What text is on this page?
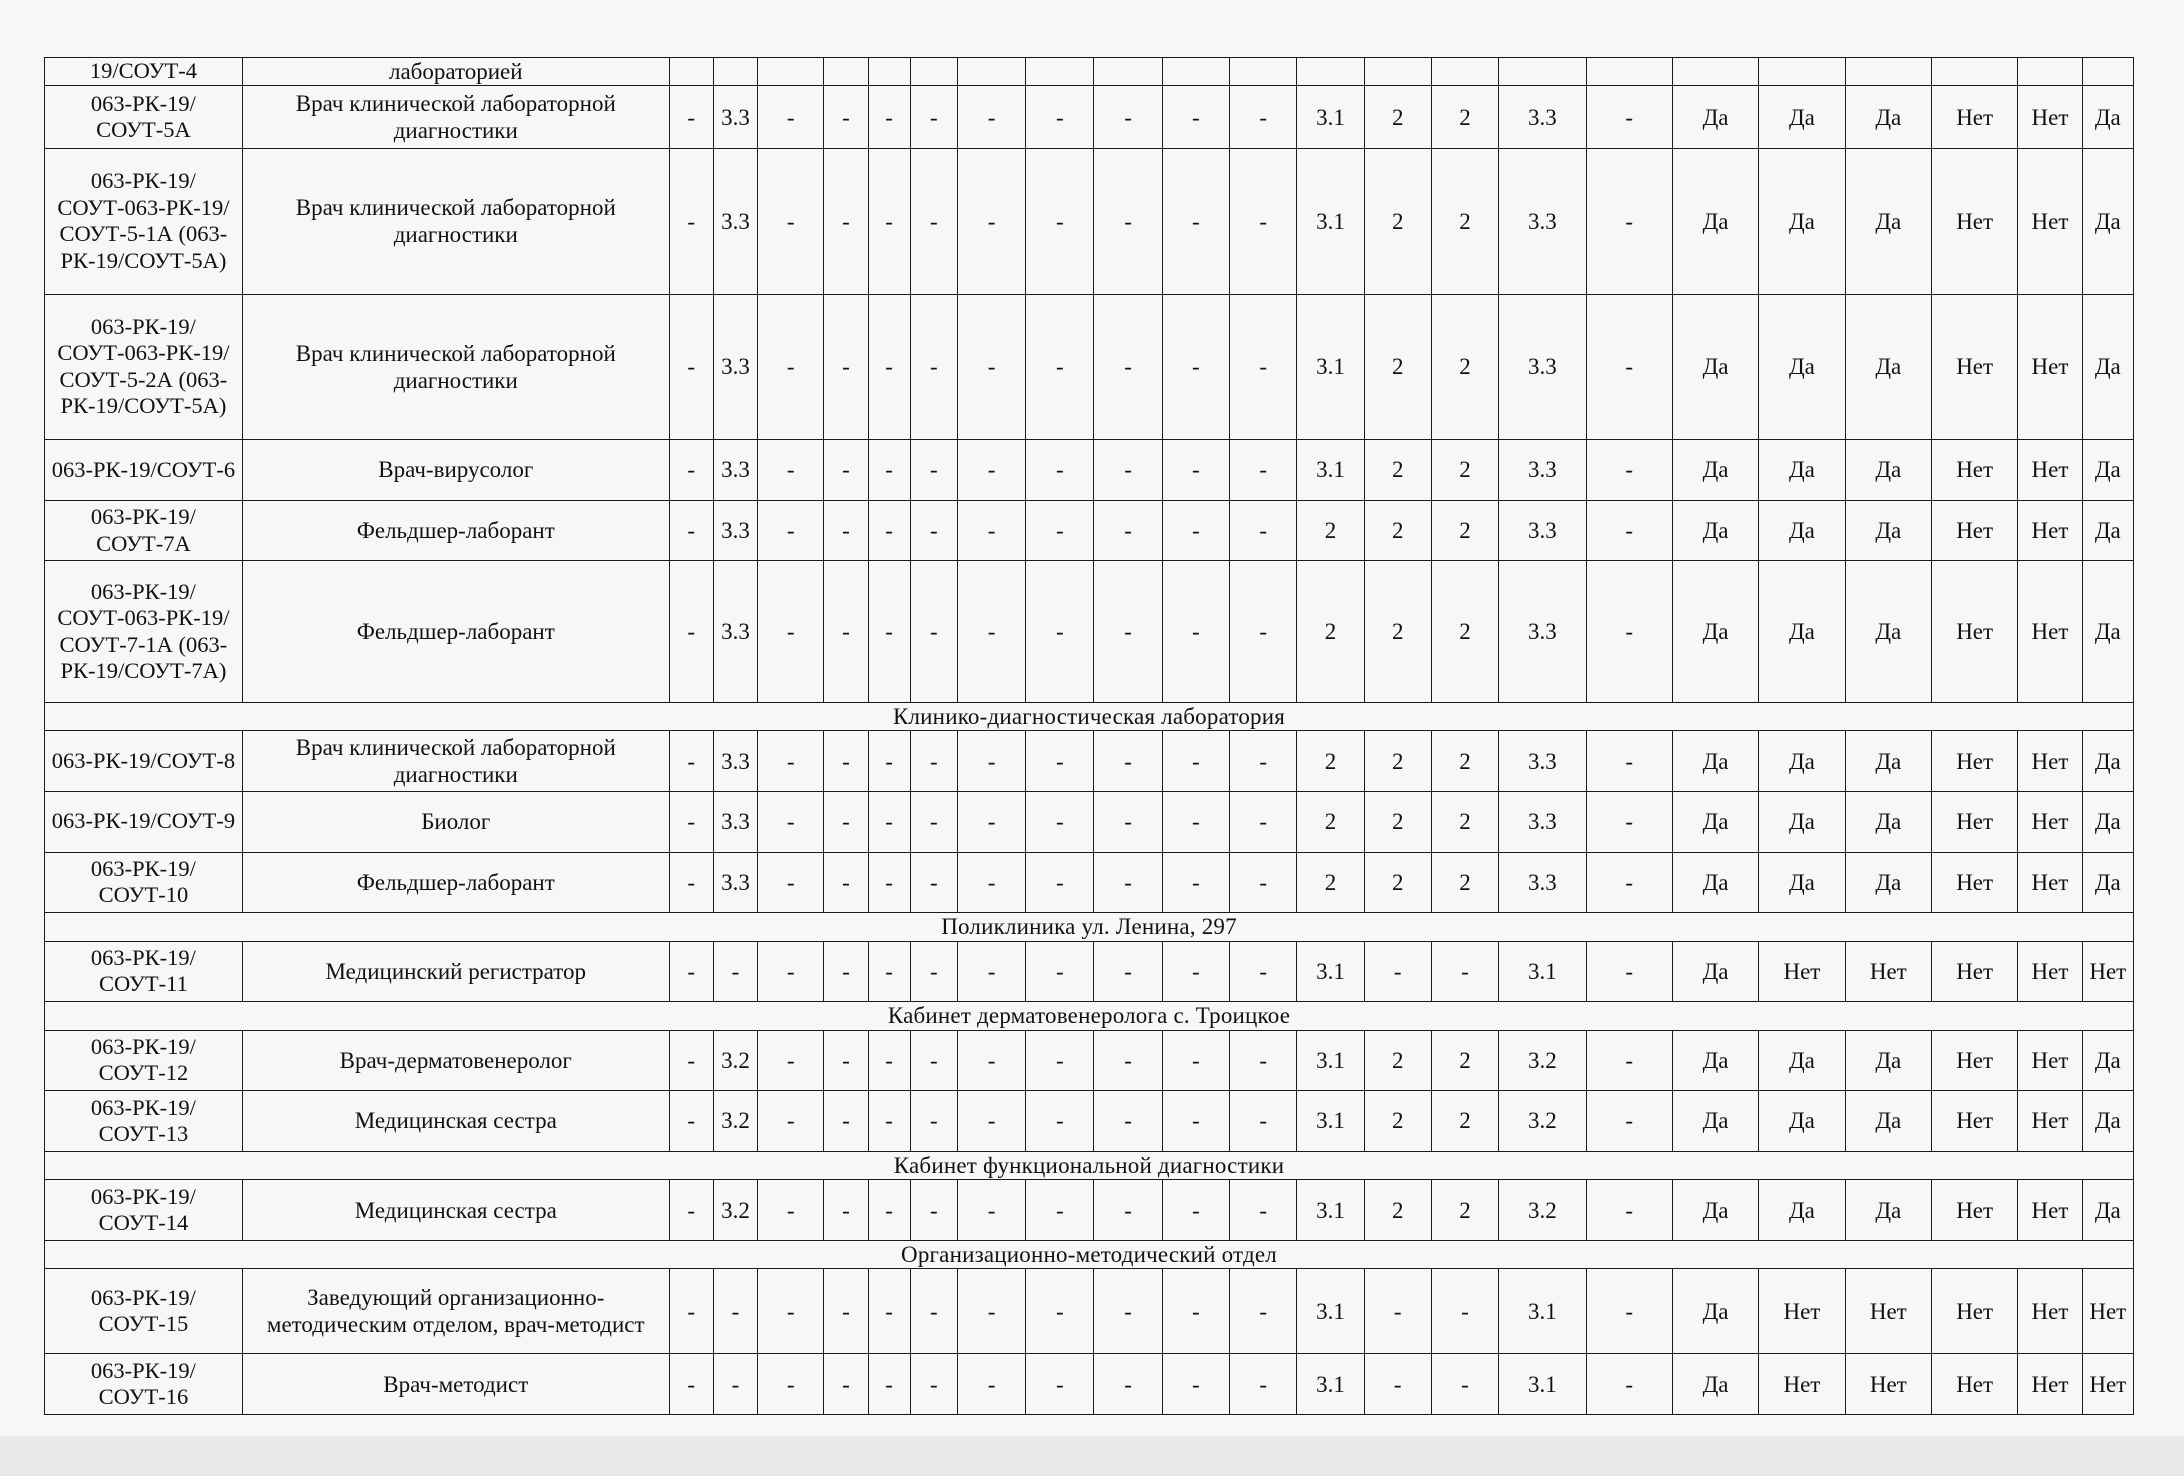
19/СОУТ-4	лабораторией																						
063-РК-19/СОУТ-5А	Врач клинической лабораторной диагностики	-	3.3	-	-	-	-	-	-	-	-	-	3.1	2	2	3.3	-	Да	Да	Да	Нет	Нет	Да
063-РК-19/СОУТ-063-РК-19/СОУТ-5-1А (063-РК-19/СОУТ-5А)	Врач клинической лабораторной диагностики	-	3.3	-	-	-	-	-	-	-	-	-	3.1	2	2	3.3	-	Да	Да	Да	Нет	Нет	Да
063-РК-19/СОУТ-063-РК-19/СОУТ-5-2А (063-РК-19/СОУТ-5А)	Врач клинической лабораторной диагностики	-	3.3	-	-	-	-	-	-	-	-	-	3.1	2	2	3.3	-	Да	Да	Да	Нет	Нет	Да
063-РК-19/СОУТ-6	Врач-вирусолог	-	3.3	-	-	-	-	-	-	-	-	-	3.1	2	2	3.3	-	Да	Да	Да	Нет	Нет	Да
063-РК-19/СОУТ-7А	Фельдшер-лаборант	-	3.3	-	-	-	-	-	-	-	-	-	2	2	2	3.3	-	Да	Да	Да	Нет	Нет	Да
063-РК-19/СОУТ-063-РК-19/СОУТ-7-1А (063-РК-19/СОУТ-7А)	Фельдшер-лаборант	-	3.3	-	-	-	-	-	-	-	-	-	2	2	2	3.3	-	Да	Да	Да	Нет	Нет	Да
Клинико-диагностическая лаборатория																							
063-РК-19/СОУТ-8	Врач клинической лабораторной диагностики	-	3.3	-	-	-	-	-	-	-	-	-	2	2	2	3.3	-	Да	Да	Да	Нет	Нет	Да
063-РК-19/СОУТ-9	Биолог	-	3.3	-	-	-	-	-	-	-	-	-	2	2	2	3.3	-	Да	Да	Да	Нет	Нет	Да
063-РК-19/СОУТ-10	Фельдшер-лаборант	-	3.3	-	-	-	-	-	-	-	-	-	2	2	2	3.3	-	Да	Да	Да	Нет	Нет	Да
Поликлиника ул. Ленина, 297																							
063-РК-19/СОУТ-11	Медицинский регистратор	-	-	-	-	-	-	-	-	-	-	-	3.1	-	-	3.1	-	Да	Нет	Нет	Нет	Нет	Нет
Кабинет дерматовенеролога с. Троицкое																							
063-РК-19/СОУТ-12	Врач-дерматовенеролог	-	3.2	-	-	-	-	-	-	-	-	-	3.1	2	2	3.2	-	Да	Да	Да	Нет	Нет	Да
063-РК-19/СОУТ-13	Медицинская сестра	-	3.2	-	-	-	-	-	-	-	-	-	3.1	2	2	3.2	-	Да	Да	Да	Нет	Нет	Да
Кабинет функциональной диагностики																							
063-РК-19/СОУТ-14	Медицинская сестра	-	3.2	-	-	-	-	-	-	-	-	-	3.1	2	2	3.2	-	Да	Да	Да	Нет	Нет	Да
Организационно-методический отдел																							
063-РК-19/СОУТ-15	Заведующий организационно-методическим отделом, врач-методист	-	-	-	-	-	-	-	-	-	-	-	3.1	-	-	3.1	-	Да	Нет	Нет	Нет	Нет	Нет
063-РК-19/СОУТ-16	Врач-методист	-	-	-	-	-	-	-	-	-	-	-	3.1	-	-	3.1	-	Да	Нет	Нет	Нет	Нет	Нет
